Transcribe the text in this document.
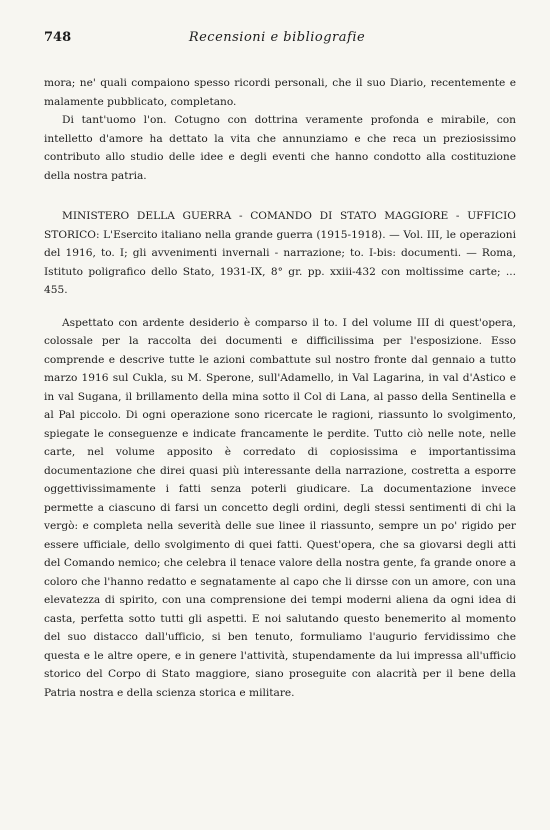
748	Recensioni e bibliografie

mora; ne' quali compaiono spesso ricordi personali, che il suo Diario, recentemente e malamente pubblicato, completano.

Di tant'uomo l'on. Cotugno con dottrina veramente profonda e mirabile, con intelletto d'amore ha dettato la vita che annunziamo e che reca un preziosissimo contributo allo studio delle idee e degli eventi che hanno condotto alla costituzione della nostra patria.

MINISTERO DELLA GUERRA - COMANDO DI STATO MAGGIORE - UFFICIO STORICO: L'Esercito italiano nella grande guerra (1915-1918). — Vol. III, le operazioni del 1916, to. I; gli avvenimenti invernali - narrazione; to. I-bis: documenti. — Roma, Istituto poligrafico dello Stato, 1931-IX, 8° gr. pp. xxiii-432 con moltissime carte; ... 455.

Aspettato con ardente desiderio è comparso il to. I del volume III di quest'opera, colossale per la raccolta dei documenti e difficilissima per l'esposizione. Esso comprende e descrive tutte le azioni combattute sul nostro fronte dal gennaio a tutto marzo 1916 sul Cukla, su M. Sperone, sull'Adamello, in Val Lagarina, in val d'Astico e in val Sugana, il brillamento della mina sotto il Col di Lana, al passo della Sentinella e al Pal piccolo. Di ogni operazione sono ricercate le ragioni, riassunto lo svolgimento, spiegate le conseguenze e indicate francamente le perdite. Tutto ciò nelle note, nelle carte, nel volume apposito è corredato di copiosissima e importantissima documentazione che direi quasi più interessante della narrazione, costretta a esporre oggettivissimamente i fatti senza poterli giudicare. La documentazione invece permette a ciascuno di farsi un concetto degli ordini, degli stessi sentimenti di chi la vergò: e completa nella severità delle sue linee il riassunto, sempre un po' rigido per essere ufficiale, dello svolgimento di quei fatti. Quest'opera, che sa giovarsi degli atti del Comando nemico; che celebra il tenace valore della nostra gente, fa grande onore a coloro che l'hanno redatto e segnatamente al capo che li dirsse con un amore, con una elevatezza di spirito, con una comprensione dei tempi moderni aliena da ogni idea di casta, perfetta sotto tutti gli aspetti. E noi salutando questo benemerito al momento del suo distacco dall'ufficio, si ben tenuto, formuliamo l'augurio fervidissimo che questa e le altre opere, e in genere l'attività, stupendamente da lui impressa all'ufficio storico del Corpo di Stato maggiore, siano proseguite con alacrità per il bene della Patria nostra e della scienza storica e militare.
